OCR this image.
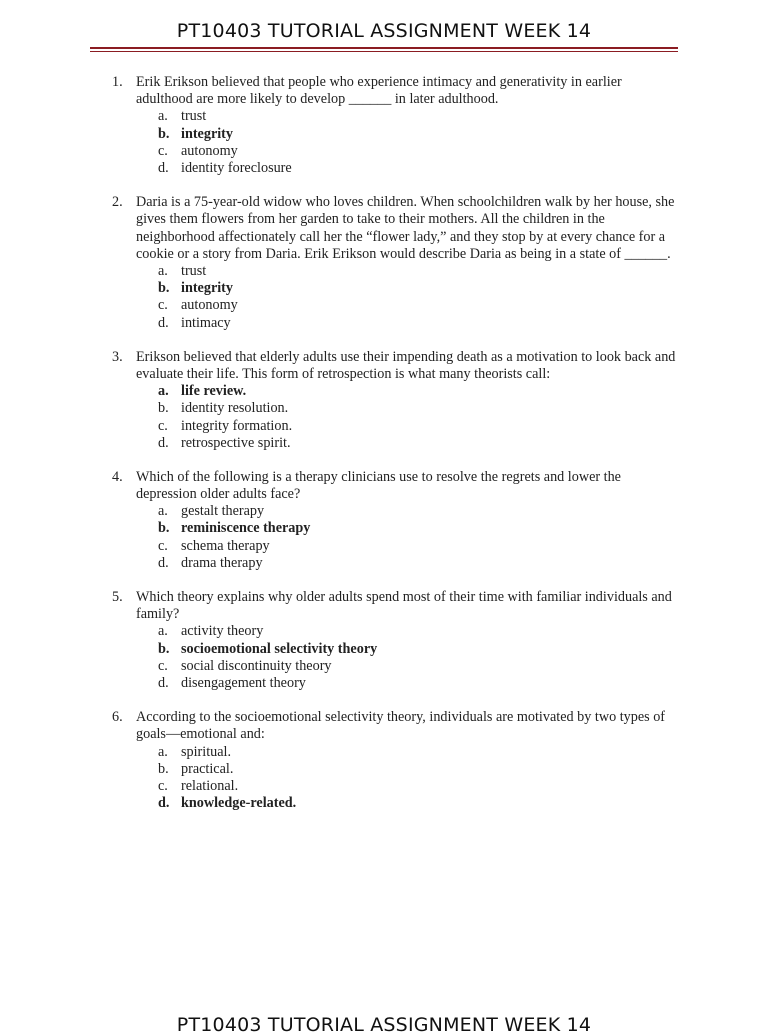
PT10403 TUTORIAL ASSIGNMENT WEEK 14
1. Erik Erikson believed that people who experience intimacy and generativity in earlier adulthood are more likely to develop ______ in later adulthood.
a. trust
b. integrity
c. autonomy
d. identity foreclosure
2. Daria is a 75-year-old widow who loves children. When schoolchildren walk by her house, she gives them flowers from her garden to take to their mothers. All the children in the neighborhood affectionately call her the “flower lady,” and they stop by at every chance for a cookie or a story from Daria. Erik Erikson would describe Daria as being in a state of ______.
a. trust
b. integrity
c. autonomy
d. intimacy
3. Erikson believed that elderly adults use their impending death as a motivation to look back and evaluate their life. This form of retrospection is what many theorists call:
a. life review.
b. identity resolution.
c. integrity formation.
d. retrospective spirit.
4. Which of the following is a therapy clinicians use to resolve the regrets and lower the depression older adults face?
a. gestalt therapy
b. reminiscence therapy
c. schema therapy
d. drama therapy
5. Which theory explains why older adults spend most of their time with familiar individuals and family?
a. activity theory
b. socioemotional selectivity theory
c. social discontinuity theory
d. disengagement theory
6. According to the socioemotional selectivity theory, individuals are motivated by two types of goals—emotional and:
a. spiritual.
b. practical.
c. relational.
d. knowledge-related.
PT10403 TUTORIAL ASSIGNMENT WEEK 14
